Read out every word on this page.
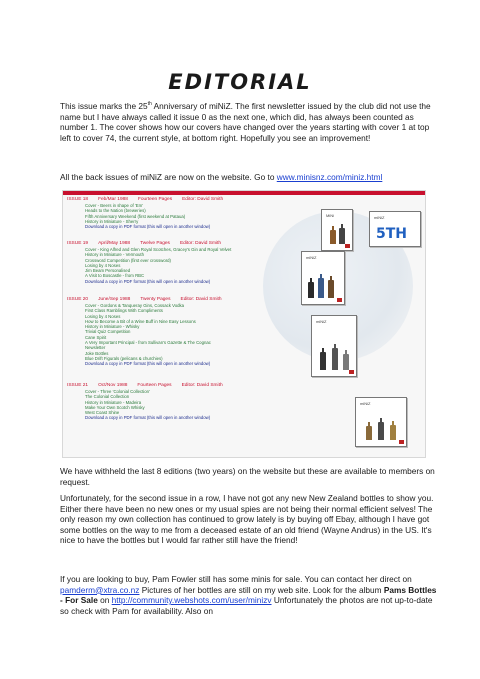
EDITORIAL

This issue marks the 25th Anniversary of miNiZ. The first newsletter issued by the club did not use the name but I have always called it issue 0 as the next one, which did, has always been counted as number 1. The cover shows how our covers have changed over the years starting with cover 1 at top left to cover 74, the current style, at bottom right. Hopefully you see an improvement!

All the back issues of miNiZ are now on the website. Go to www.minisnz.com/miniz.html

ISSUE 18 Feb/Mar 1988 Fourteen Pages Editor: David Smith
Cover - Beers in shape of 'Em'
Heads to the Nation (breweries)
Fifth Anniversary Weekend (first weekend at Pataua)
History in Miniature - Sherry
Download a copy in PDF format (this will open in another window)
ISSUE 19 April/May 1988 Twelve Pages Editor: David Smith
Cover - King Alfred and Glen Royal Scotches, Gracey's Gin and Royal Velvet
History in Miniature - Vermouth
Crossword Competition (first ever crossword)
Losing by 4 Noses
Jim Beam Personalised
A Visit to Boscastle - from RBC
Download a copy in PDF format (this will open in another window)
ISSUE 20 June/Sep 1988 Twenty Pages Editor: David Smith
Cover - Gordons & Tanqueray Gins, Cossack Vodka
First Class Ramblings With Compliments
Losing by 4 Noses
How to Become a Bit of a Wine Buff in Nine Easy Lessons
History in Miniature - Whisky
Trivial Quiz Competition
Cane Spirit
A Very Important Principal - from Sullivan's Gazette & The Cognac
Newsletter
Joke Bottles
Blue Drift Figurals (pelicans & churchies)
Download a copy in PDF format (this will open in another window)
ISSUE 21 Oct/Nov 1988 Fourteen Pages Editor: David Smith
Cover - Three 'Colonial Collection'
The Colonial Collection
History in Miniature - Madeira
Make Your Own Scotch Whisky
West Coast Shine
Download a copy in PDF format (this will open in another window)
MiNi	miNiZ
5TH
miNiZ
miNiZ
miNiZ

We have withheld the last 8 editions (two years) on the website but these are available to members on request.

Unfortunately, for the second issue in a row, I have not got any new New Zealand bottles to show you. Either there have been no new ones or my usual spies are not being their normal efficient selves! The only reason my own collection has continued to grow lately is by buying off Ebay, although I have got some bottles on the way to me from a deceased estate of an old friend (Wayne Andrus) in the US. It's nice to have the bottles but I would far rather still have the friend!

If you are looking to buy, Pam Fowler still has some minis for sale. You can contact her direct on pamderm@xtra.co.nz Pictures of her bottles are still on my web site. Look for the album Pams Bottles - For Sale on http://community.webshots.com/user/minizv Unfortunately the photos are not up-to-date so check with Pam for availability. Also on
